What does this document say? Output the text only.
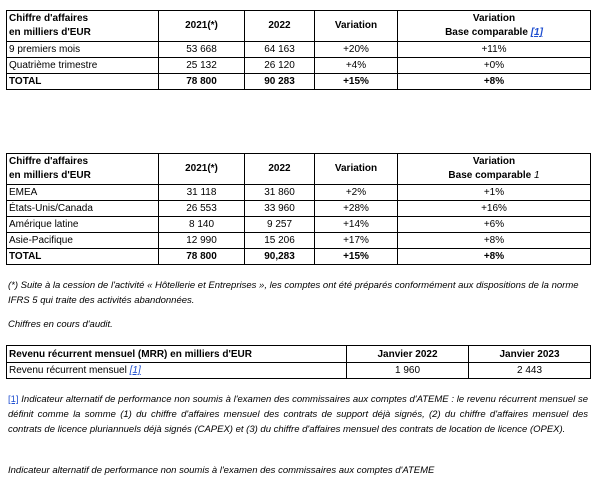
Chiffre d'affaires
en milliers d'EUR	2021(*)	2022	Variation	Variation
Base comparable [1]
9 premiers mois	53 668	64 163	+20%	+11%
Quatrième trimestre	25 132	26 120	+4%	+0%
TOTAL	78 800	90 283	+15%	+8%
Chiffre d'affaires
en milliers d'EUR	2021(*)	2022	Variation	Variation
Base comparable 1
EMEA	31 118	31 860	+2%	+1%
États-Unis/Canada	26 553	33 960	+28%	+16%
Amérique latine	8 140	9 257	+14%	+6%
Asie-Pacifique	12 990	15 206	+17%	+8%
TOTAL	78 800	90,283	+15%	+8%
(*) Suite à la cession de l'activité « Hôtellerie et Entreprises », les comptes ont été préparés conformément aux dispositions de la norme IFRS 5 qui traite des activités abandonnées.
Chiffres en cours d'audit.
Revenu récurrent mensuel (MRR) en milliers d'EUR	Janvier 2022	Janvier 2023
Revenu récurrent mensuel [1]	1 960	2 443
[1] Indicateur alternatif de performance non soumis à l'examen des commissaires aux comptes d'ATEME : le revenu récurrent mensuel se définit comme la somme (1) du chiffre d'affaires mensuel des contrats de support déjà signés, (2) du chiffre d'affaires mensuel des contrats de licence pluriannuels déjà signés (CAPEX) et (3) du chiffre d'affaires mensuel des contrats de location de licence (OPEX).
Indicateur alternatif de performance non soumis à l'examen des commissaires aux comptes d'ATEME
